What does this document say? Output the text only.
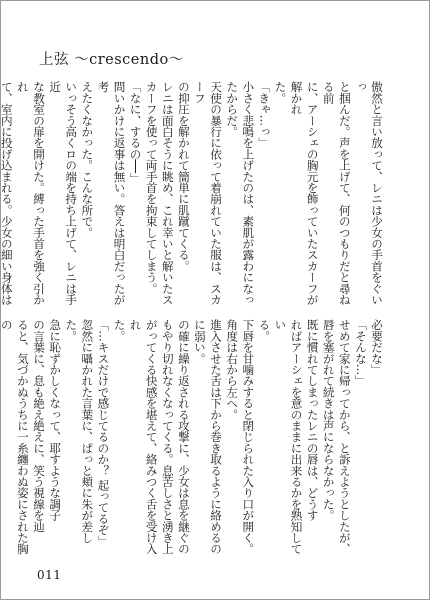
上弦 〜crescendo〜

傲然と言い放って、レニは少女の手首をぐいっ

と掴んだ。声を上げて、何のつもりだと尋ねる前

に、アーシェの胸元を飾っていたスカーフが解かれ

た。

「きゃ…っ」

小さく悲鳴を上げたのは、素肌が露わになったからだ。

天使の暴行に依って着崩れていた服は、スカーフ

の抑圧を解かれて簡単に肌蹴てくる。

レニは面白そうに眺め、これ幸いと解いたス

カーフを使って両手首を拘束してしまう。

「なに、するの──」

問いかけに返事は無い。答えは明白だったが考

えたくなかった。こんな所で。

いっそう高くロの端を持ち上げて、レニは手近

な教室の扉を開けた。縛った手首を強く引かれ

て、室内に投げ込まれる。少女の細い身体は

必要だな」

「そんな…」

せめて家に帰ってから、と訴えようとしたが、

唇を塞がれて続きは声にならなかった。

既に慣れてしまったレニの唇は、どうす

ればアーシェを意のままに出来るかを熟知してい

る。

下唇を甘噛みすると閉じられた入り口が開く。

角度は右から左へ。

進入させた舌は下から巻き取るように絡めるの

に弱い。

の確に繰り返される攻撃に、少女は息を継ぐの

もやり切れなくなってくる。息苦しさと湧き上

がってくる快感を堪えて、絡みつく舌を受け入れ

た。

「…キスだけで感じてるのか？ 起ってるぞ」

忽然に囁かれた言葉に、ぱっと頬に朱が差した。

急に恥ずかしくなって、耶すような調子

の言葉に、息も絶え絶えに、笑う視線を辿

ると、気づかぬうちに一糸纏わぬ姿にされた胸の

011
